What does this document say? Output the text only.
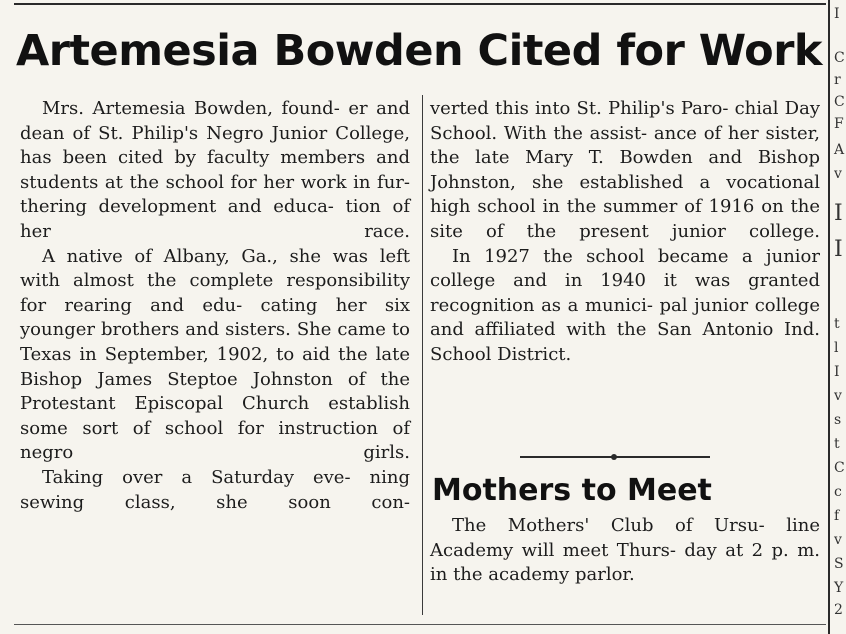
Artemesia Bowden Cited for Work

Mrs. Artemesia Bowden, found- er and dean of St. Philip's Negro Junior College, has been cited by faculty members and students at the school for her work in fur- thering development and educa- tion of her race.

A native of Albany, Ga., she was left with almost the complete responsibility for rearing and edu- cating her six younger brothers and sisters. She came to Texas in September, 1902, to aid the late Bishop James Steptoe Johnston of the Protestant Episcopal Church establish some sort of school for instruction of negro girls.

Taking over a Saturday eve- ning sewing class, she soon con-

verted this into St. Philip's Paro- chial Day School. With the assist- ance of her sister, the late Mary T. Bowden and Bishop Johnston, she established a vocational high school in the summer of 1916 on the site of the present junior college.

In 1927 the school became a junior college and in 1940 it was granted recognition as a munici- pal junior college and affiliated with the San Antonio Ind. School District.

Mothers to Meet

The Mothers' Club of Ursu- line Academy will meet Thurs- day at 2 p. m. in the academy parlor.

I
C
r
C
F
A
v
I
I
t
l
I
v
s
t
C
c
f
v
S
Y
2
